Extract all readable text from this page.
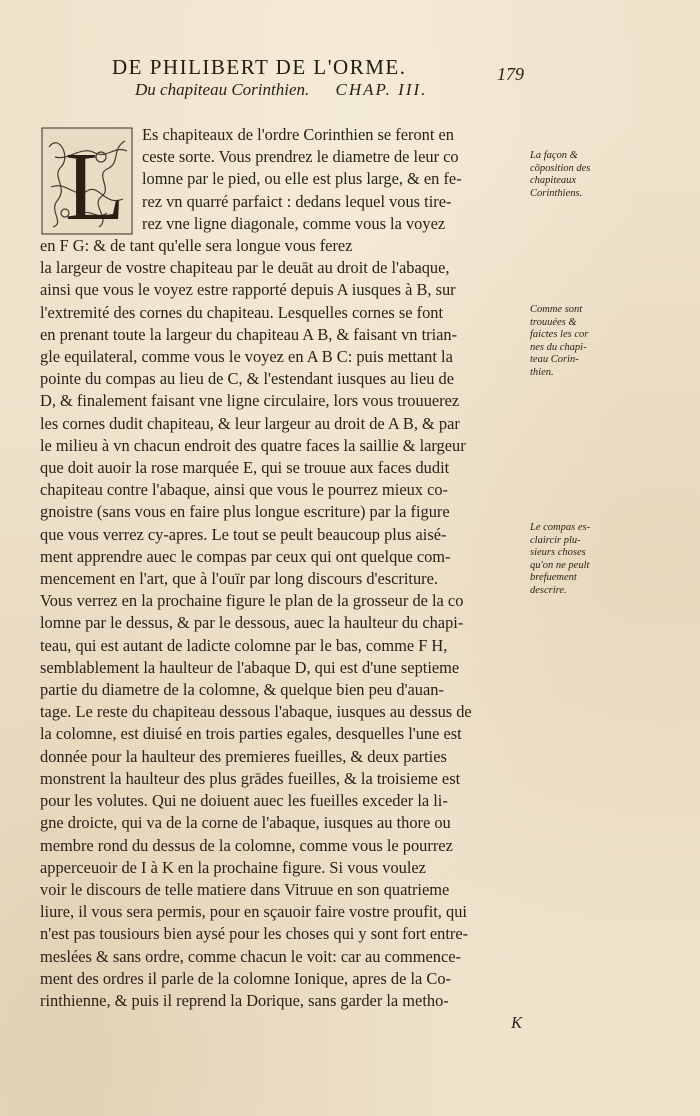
DE PHILIBERT DE L'ORME.	179
Du chapiteau Corinthien. CHAP. III.
L	Es chapiteaux de l'ordre Corinthien se feront en
ceste sorte. Vous prendrez le diametre de leur co
lomne par le pied, ou elle est plus large, & en fe-
rez vn quarré parfaict : dedans lequel vous tire-
rez vne ligne diagonale, comme vous la voyez
en F G: & de tant qu'elle sera longue vous ferez
la largeur de vostre chapiteau par le deuāt au droit de l'abaque,
ainsi que vous le voyez estre rapporté depuis A iusques à B, sur
l'extremité des cornes du chapiteau. Lesquelles cornes se font
en prenant toute la largeur du chapiteau A B, & faisant vn trian-
gle equilateral, comme vous le voyez en A B C: puis mettant la
pointe du compas au lieu de C, & l'estendant iusques au lieu de
D, & finalement faisant vne ligne circulaire, lors vous trouuerez
les cornes dudit chapiteau, & leur largeur au droit de A B, & par
le milieu à vn chacun endroit des quatre faces la saillie & largeur
que doit auoir la rose marquée E, qui se trouue aux faces dudit
chapiteau contre l'abaque, ainsi que vous le pourrez mieux co-
gnoistre (sans vous en faire plus longue escriture) par la figure
que vous verrez cy-apres. Le tout se peult beaucoup plus aisé-
ment apprendre auec le compas par ceux qui ont quelque com-
mencement en l'art, que à l'ouïr par long discours d'escriture.
Vous verrez en la prochaine figure le plan de la grosseur de la co
lomne par le dessus, & par le dessous, auec la haulteur du chapi-
teau, qui est autant de ladicte colomne par le bas, comme F H,
semblablement la haulteur de l'abaque D, qui est d'une septieme
partie du diametre de la colomne, & quelque bien peu d'auan-
tage. Le reste du chapiteau dessous l'abaque, iusques au dessus de
la colomne, est diuisé en trois parties egales, desquelles l'une est
donnée pour la haulteur des premieres fueilles, & deux parties
monstrent la haulteur des plus grādes fueilles, & la troisieme est
pour les volutes. Qui ne doiuent auec les fueilles exceder la li-
gne droicte, qui va de la corne de l'abaque, iusques au thore ou
membre rond du dessus de la colomne, comme vous le pourrez
apperceuoir de I à K en la prochaine figure. Si vous voulez
voir le discours de telle matiere dans Vitruue en son quatrieme
liure, il vous sera permis, pour en sçauoir faire vostre proufit, qui
n'est pas tousiours bien aysé pour les choses qui y sont fort entre-
meslées & sans ordre, comme chacun le voit: car au commence-
ment des ordres il parle de la colomne Ionique, apres de la Co-
rinthienne, & puis il reprend la Dorique, sans garder la metho-
K
La façon &
cōposition des
chapiteaux
Corinthiens.
Comme sont
trouuées &
faictes les cor
nes du chapi-
teau Corin-
thien.
Le compas es-
claircir plu-
sieurs choses
qu'on ne peult
brefuement
descrire.
